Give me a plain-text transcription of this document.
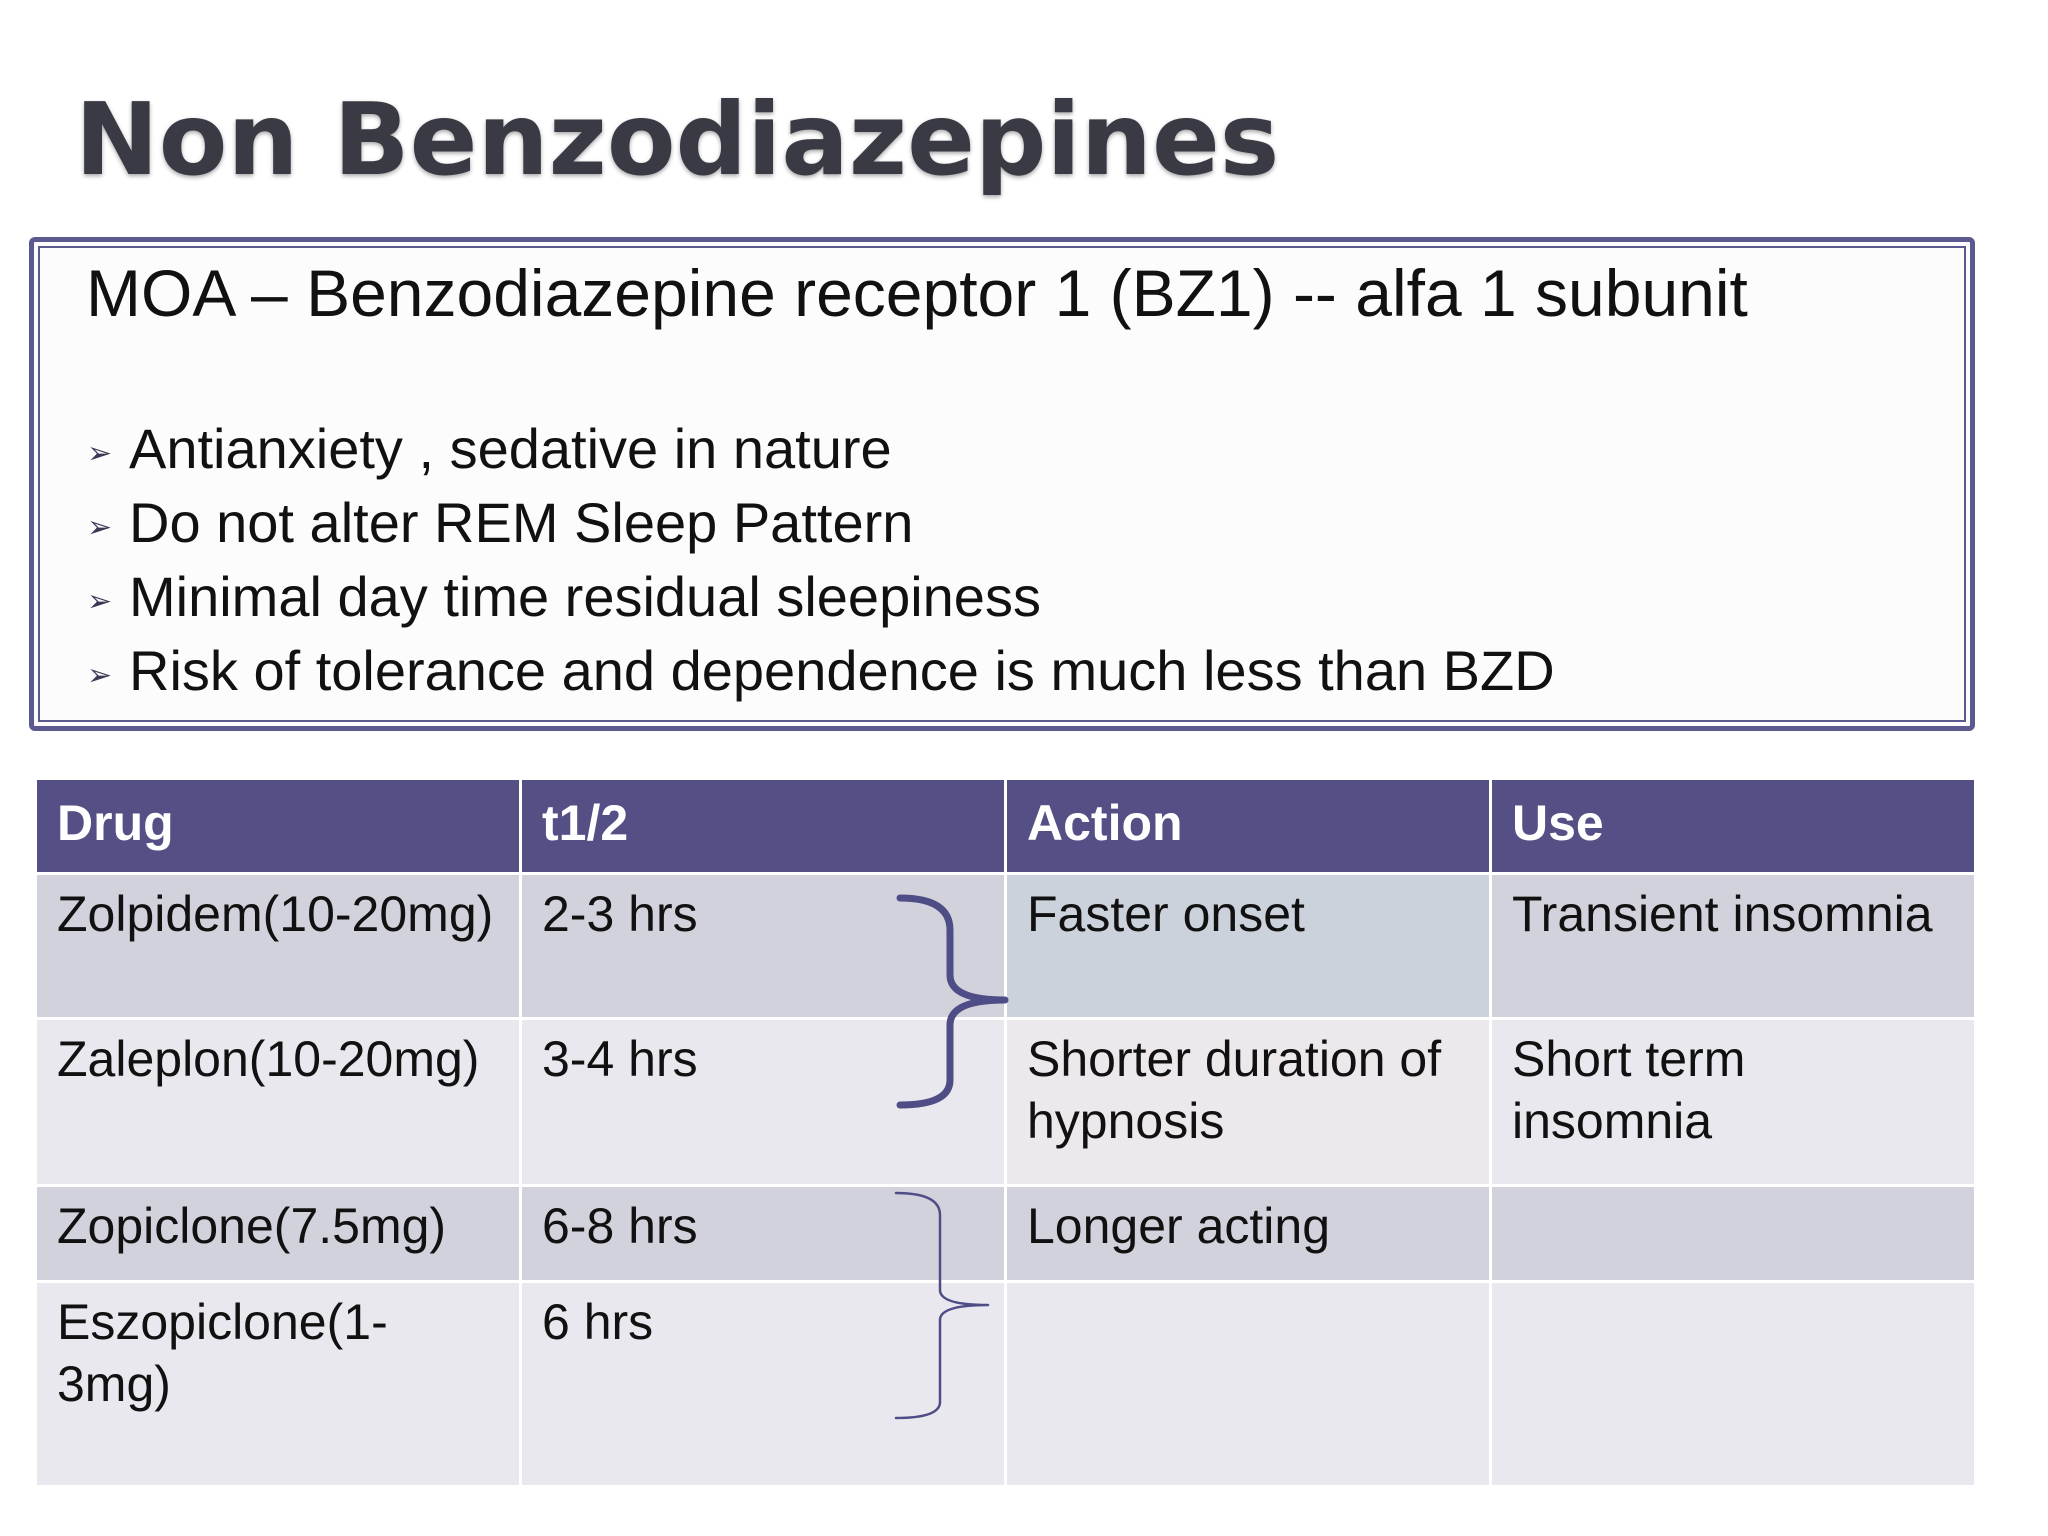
Non Benzodiazepines
MOA – Benzodiazepine receptor 1 (BZ1) -- alfa 1 subunit
➢ Antianxiety , sedative in nature
➢ Do not alter REM Sleep Pattern
➢ Minimal day time residual sleepiness
➢ Risk of tolerance and dependence is much less than BZD
Drug	t1/2	Action	Use
Zolpidem(10-20mg)	2-3 hrs	Faster onset	Transient insomnia
Zaleplon(10-20mg)	3-4 hrs	Shorter duration of hypnosis	Short term insomnia
Zopiclone(7.5mg)	6-8 hrs	Longer acting	
Eszopiclone(1-3mg)	6 hrs		
